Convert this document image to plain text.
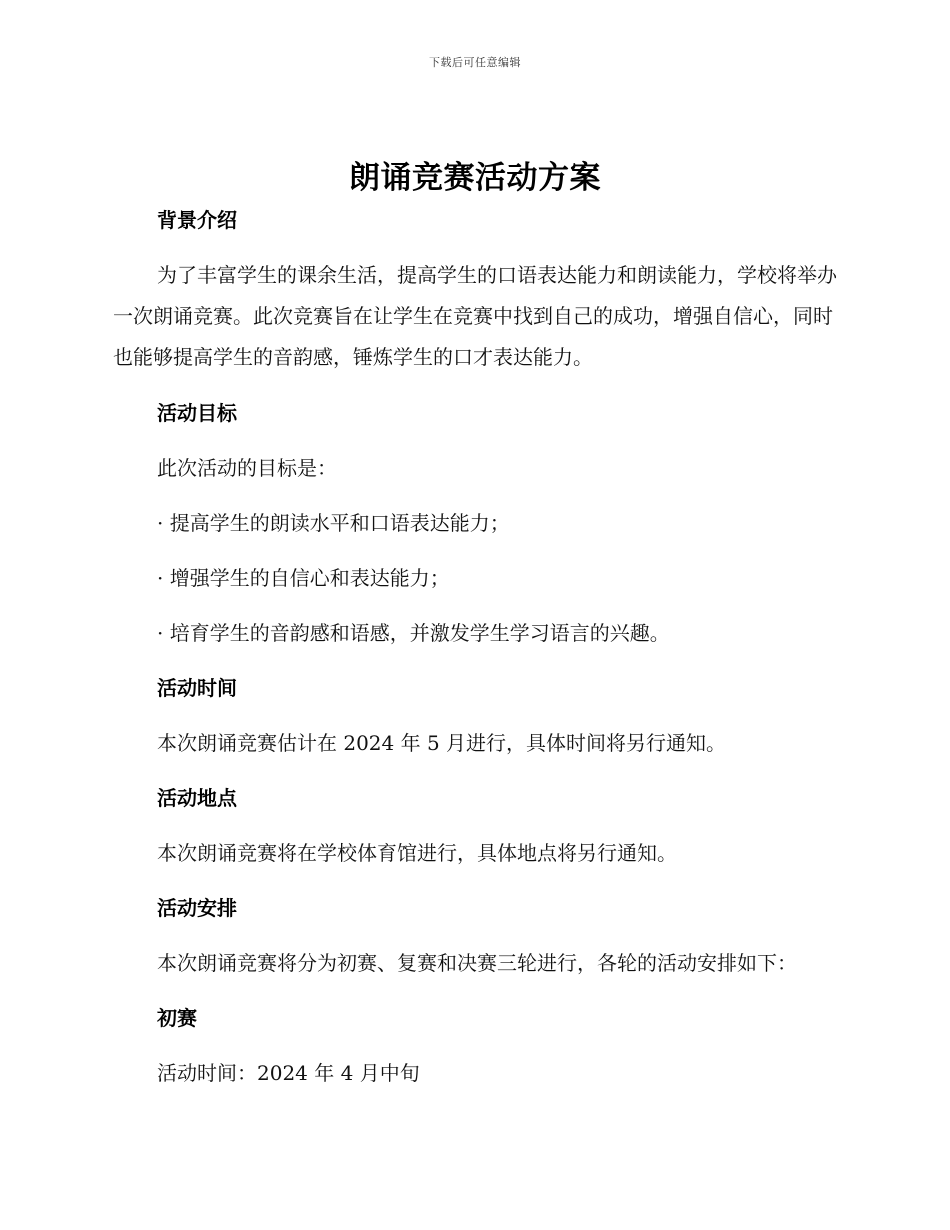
下载后可任意编辑
朗诵竞赛活动方案
背景介绍

为了丰富学生的课余生活，提高学生的口语表达能力和朗读能力，学校将举办一次朗诵竞赛。此次竞赛旨在让学生在竞赛中找到自己的成功，增强自信心，同时也能够提高学生的音韵感，锤炼学生的口才表达能力。

活动目标
此次活动的目标是：
· 提高学生的朗读水平和口语表达能力；
· 增强学生的自信心和表达能力；
· 培育学生的音韵感和语感，并激发学生学习语言的兴趣。
活动时间
本次朗诵竞赛估计在 2024 年 5 月进行，具体时间将另行通知。
活动地点
本次朗诵竞赛将在学校体育馆进行，具体地点将另行通知。
活动安排
本次朗诵竞赛将分为初赛、复赛和决赛三轮进行，各轮的活动安排如下：
初赛
活动时间：2024 年 4 月中旬
